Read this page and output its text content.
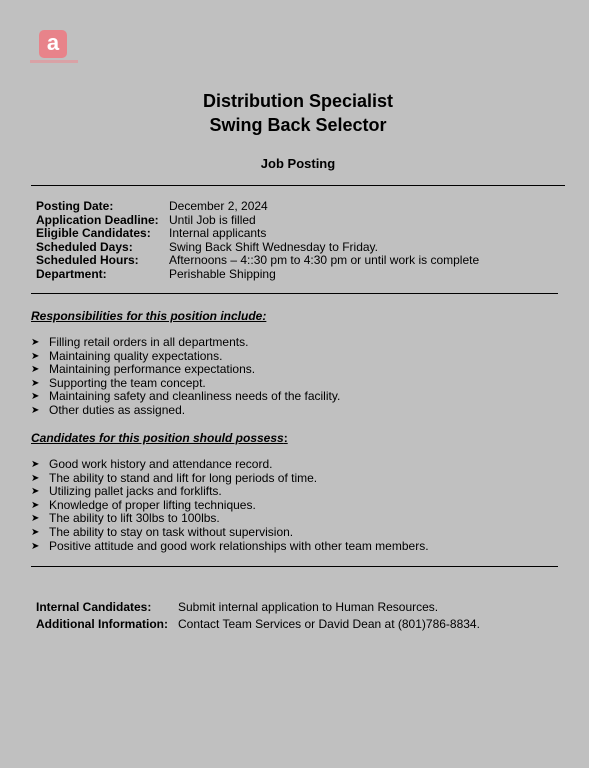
a
Distribution Specialist
Swing Back Selector
Job Posting
Posting Date:	December 2, 2024
Application Deadline: Until Job is filled
Eligible Candidates:	Internal applicants
Scheduled Days:	Swing Back Shift Wednesday to Friday.
Scheduled Hours:	Afternoons – 4::30 pm to 4:30 pm or until work is complete
Department:	Perishable Shipping
Responsibilities for this position include:
➤ Filling retail orders in all departments.
➤ Maintaining quality expectations.
➤ Maintaining performance expectations.
➤ Supporting the team concept.
➤ Maintaining safety and cleanliness needs of the facility.
➤ Other duties as assigned.
Candidates for this position should possess:
➤ Good work history and attendance record.
➤ The ability to stand and lift for long periods of time.
➤ Utilizing pallet jacks and forklifts.
➤ Knowledge of proper lifting techniques.
➤ The ability to lift 30lbs to 100lbs.
➤ The ability to stay on task without supervision.
➤ Positive attitude and good work relationships with other team members.
Internal Candidates:	Submit internal application to Human Resources.
Additional Information: Contact Team Services or David Dean at (801)786-8834.
